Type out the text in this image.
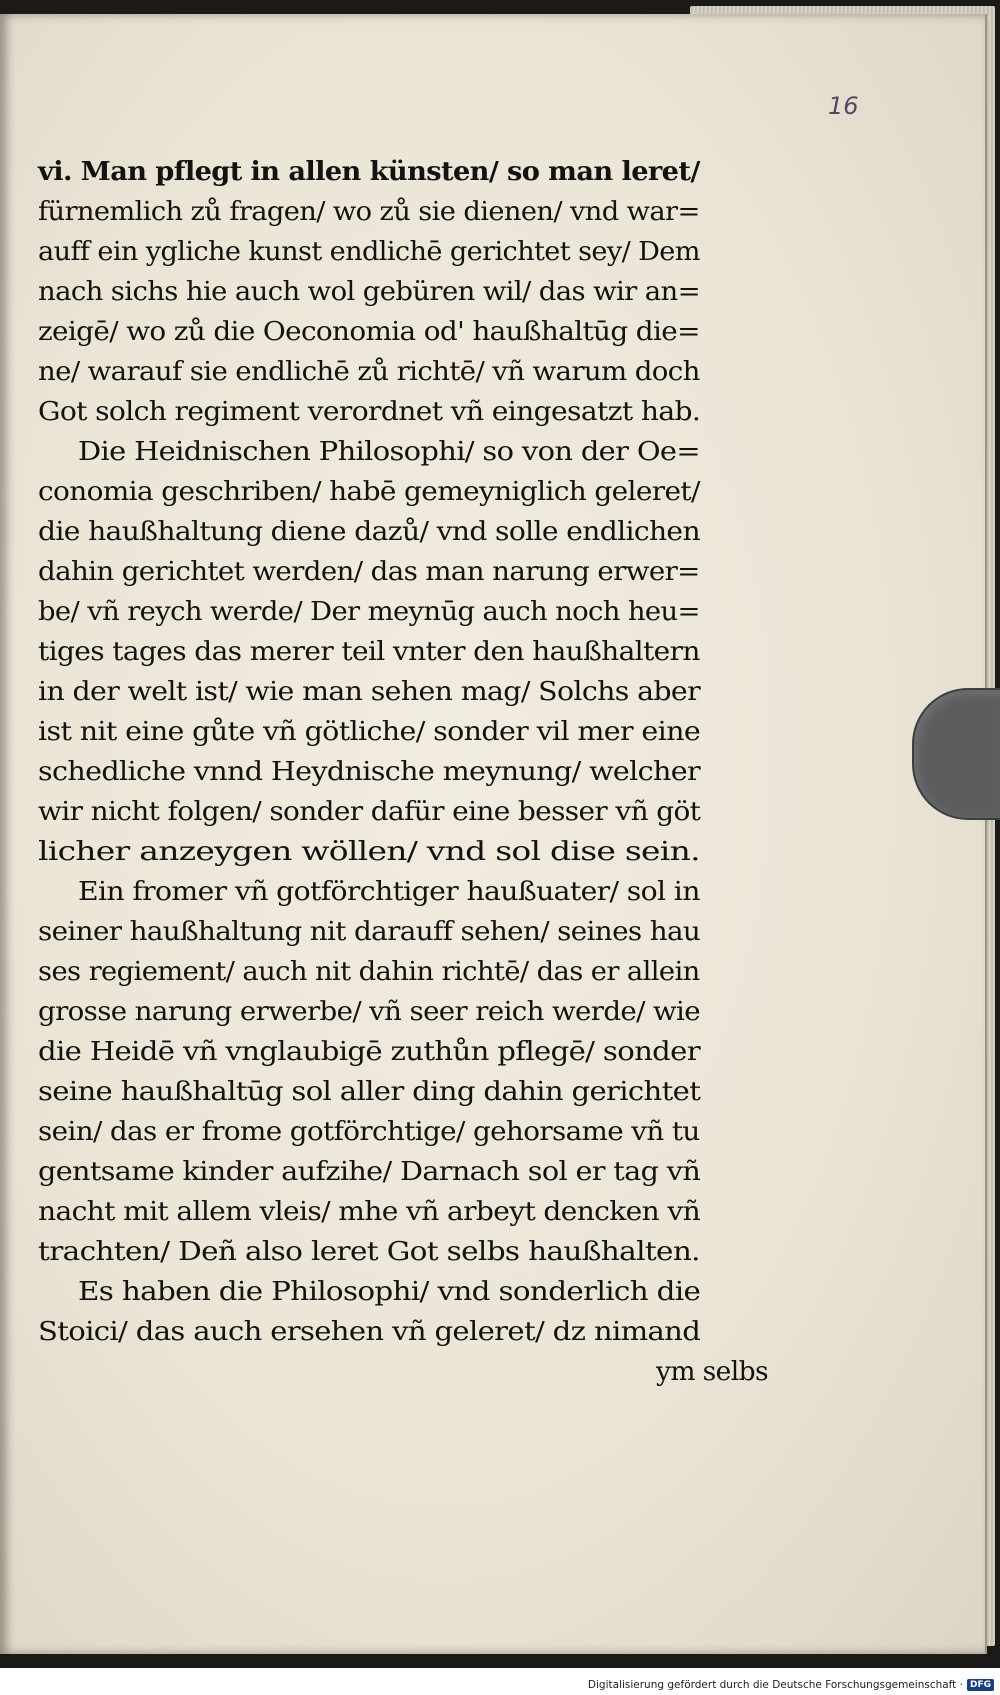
16
vi. Man pflegt in allen künsten/ so man leret/
fürnemlich zů fragen/ wo zů sie dienen/ vnd war=
auff ein ygliche kunst endlichē gerichtet sey/ Dem
nach sichs hie auch wol gebüren wil/ das wir an=
zeigē/ wo zů die Oeconomia od' haußhaltūg die=
ne/ warauf sie endlichē zů richtē/ vñ warum doch
Got solch regiment verordnet vñ eingesatzt hab.
Die Heidnischen Philosophi/ so von der Oe=
conomia geschriben/ habē gemeyniglich geleret/
die haußhaltung diene dazů/ vnd solle endlichen
dahin gerichtet werden/ das man narung erwer=
be/ vñ reych werde/ Der meynūg auch noch heu=
tiges tages das merer teil vnter den haußhaltern
in der welt ist/ wie man sehen mag/ Solchs aber
ist nit eine gůte vñ götliche/ sonder vil mer eine
schedliche vnnd Heydnische meynung/ welcher
wir nicht folgen/ sonder dafür eine besser vñ göt
licher anzeygen wöllen/ vnd sol dise sein.
Ein fromer vñ gotförchtiger haußuater/ sol in
seiner haußhaltung nit darauff sehen/ seines hau
ses regiement/ auch nit dahin richtē/ das er allein
grosse narung erwerbe/ vñ seer reich werde/ wie
die Heidē vñ vnglaubigē zuthůn pflegē/ sonder
seine haußhaltūg sol aller ding dahin gerichtet
sein/ das er frome gotförchtige/ gehorsame vñ tu
gentsame kinder aufzihe/ Darnach sol er tag vñ
nacht mit allem vleis/ mhe vñ arbeyt dencken vñ
trachten/ Deñ also leret Got selbs haußhalten.
Es haben die Philosophi/ vnd sonderlich die
Stoici/ das auch ersehen vñ geleret/ dz nimand
ym selbs
Digitalisierung gefördert durch die Deutsche Forschungsgemeinschaft · DFG
